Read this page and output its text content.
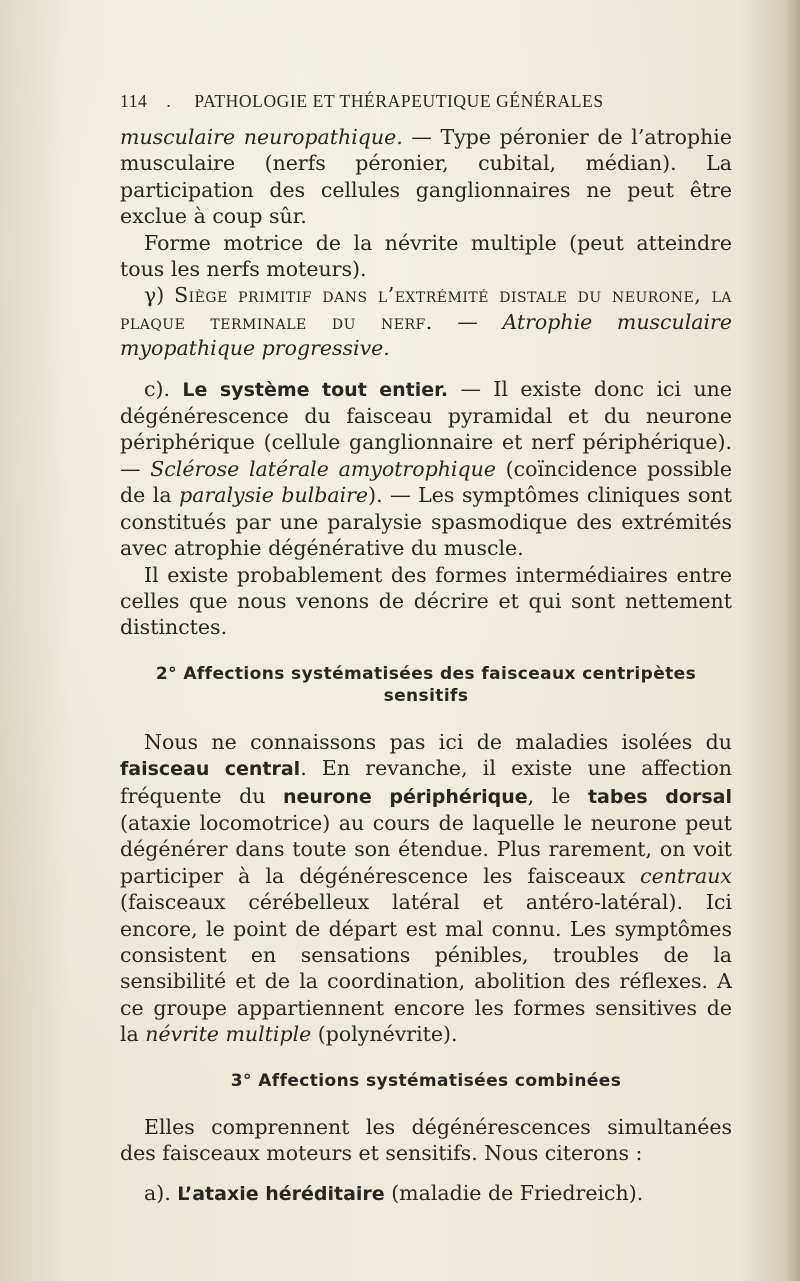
114 . PATHOLOGIE ET THÉRAPEUTIQUE GÉNÉRALES

musculaire neuropathique. — Type péronier de l’atrophie musculaire (nerfs péronier, cubital, médian). La participation des cellules ganglionnaires ne peut être exclue à coup sûr.

Forme motrice de la névrite multiple (peut atteindre tous les nerfs moteurs).

γ) Siège primitif dans l’extrémité distale du neurone, la plaque terminale du nerf. — Atrophie musculaire myopathique progressive.

c). Le système tout entier. — Il existe donc ici une dégénérescence du faisceau pyramidal et du neurone périphérique (cellule ganglionnaire et nerf périphérique). — Sclérose latérale amyotrophique (coïncidence possible de la paralysie bulbaire). — Les symptômes cliniques sont constitués par une paralysie spasmodique des extrémités avec atrophie dégénérative du muscle.

Il existe probablement des formes intermédiaires entre celles que nous venons de décrire et qui sont nettement distinctes.

2° Affections systématisées des faisceaux centripètes sensitifs

Nous ne connaissons pas ici de maladies isolées du faisceau central. En revanche, il existe une affection fréquente du neurone périphérique, le tabes dorsal (ataxie locomotrice) au cours de laquelle le neurone peut dégénérer dans toute son étendue. Plus rarement, on voit participer à la dégénérescence les faisceaux centraux (faisceaux cérébelleux latéral et antéro-latéral). Ici encore, le point de départ est mal connu. Les symptômes consistent en sensations pénibles, troubles de la sensibilité et de la coordination, abolition des réflexes. A ce groupe appartiennent encore les formes sensitives de la névrite multiple (polynévrite).

3° Affections systématisées combinées

Elles comprennent les dégénérescences simultanées des faisceaux moteurs et sensitifs. Nous citerons :

a). L’ataxie héréditaire (maladie de Friedreich).
